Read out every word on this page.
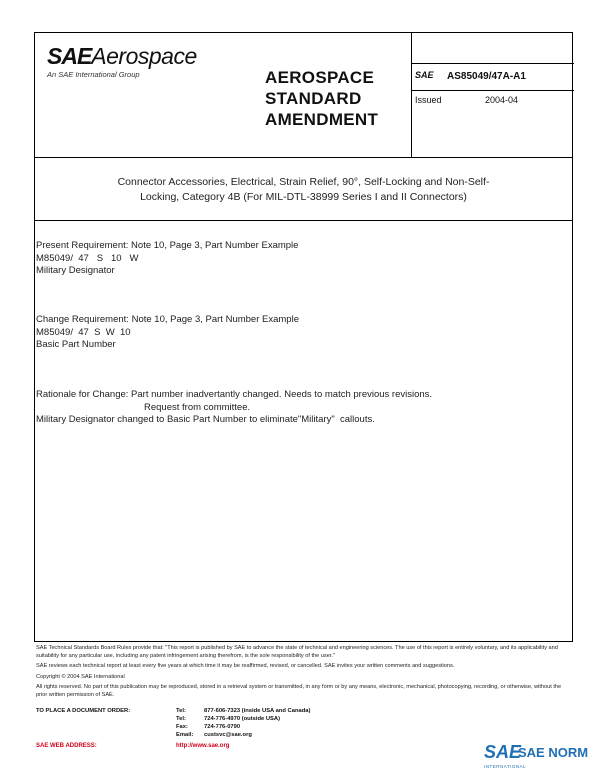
SAEAerospace
An SAE International Group	AEROSPACE
STANDARD
AMENDMENT
SAE AS85049/47A-A1
Issued	2004-04
Connector Accessories, Electrical, Strain Relief, 90°, Self-Locking and Non-Self-
Locking, Category 4B (For MIL-DTL-38999 Series I and II Connectors)
Present Requirement: Note 10, Page 3, Part Number Example
M85049/  47   S   10   W
Military Designator
Change Requirement: Note 10, Page 3, Part Number Example
M85049/  47  S  W  10
Basic Part Number
Rationale for Change: Part number inadvertantly changed. Needs to match previous revisions.
Request from committee.
Military Designator changed to Basic Part Number to eliminate"Military"  callouts.
SAE Technical Standards Board Rules provide that: "This report is published by SAE to advance the state of technical and engineering sciences. The use of this report is entirely voluntary, and its applicability and suitability for any particular use, including any patent infringement arising therefrom, is the sole responsibility of the user."
SAE reviews each technical report at least every five years at which time it may be reaffirmed, revised, or cancelled. SAE invites your written comments and suggestions.
Copyright © 2004 SAE International
All rights reserved. No part of this publication may be reproduced, stored in a retrieval system or transmitted, in any form or by any means, electronic, mechanical, photocopying, recording, or otherwise, without the prior written permission of SAE.
TO PLACE A DOCUMENT ORDER:	Tel:	877-606-7323 (inside USA and Canada)
Tel:	724-776-4970 (outside USA)
Fax:	724-776-0790
Email: custsvc@sae.org
SAE WEB ADDRESS:	http://www.sae.org	SAE
SAE NORM
INTERNATIONAL
